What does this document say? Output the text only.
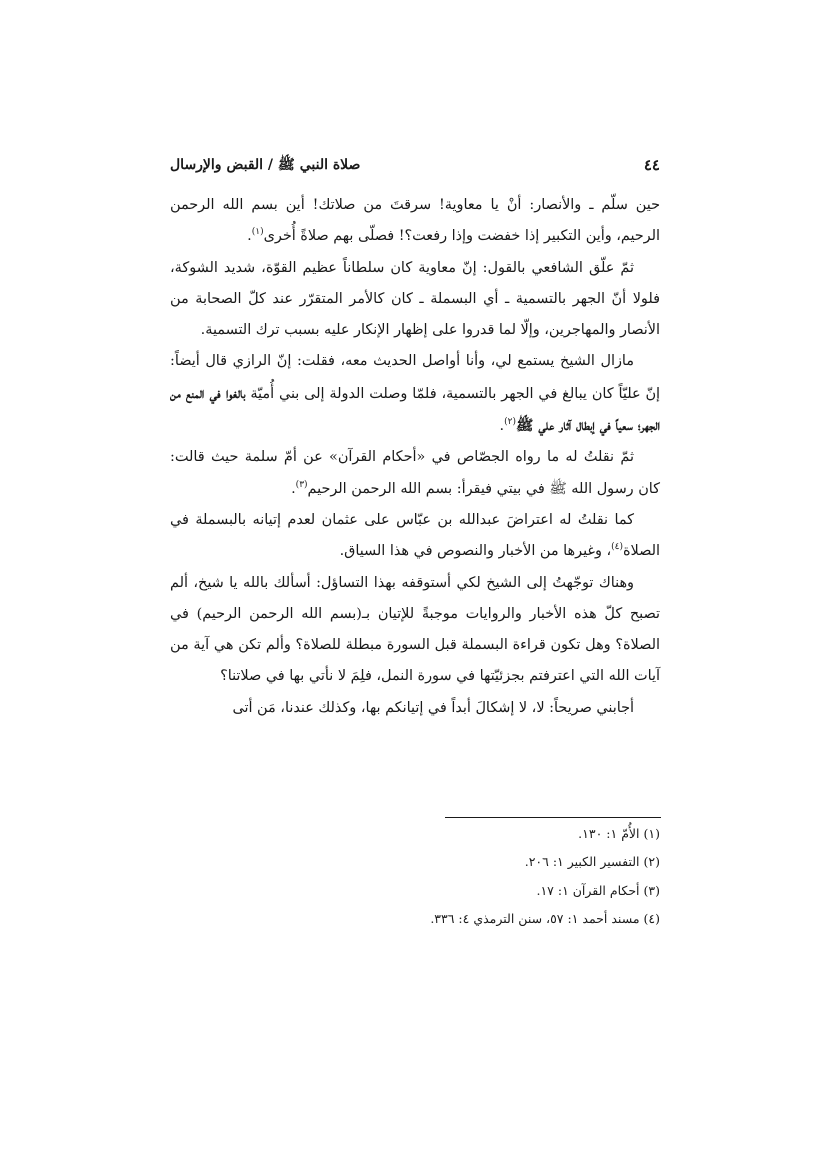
٤٤
صلاة النبي ﷺ / القبض والإرسال

حين سلّم ـ والأنصار: أنْ يا معاوية! سرقتَ من صلاتك! أين بسم الله الرحمن الرحيم، وأين التكبير إذا خفضت وإذا رفعت؟! فصلّى بهم صلاةً أُخرى$^{(١)}$.

ثمّ علّق الشافعي بالقول: إنّ معاوية كان سلطاناً عظيم القوّة، شديد الشوكة، فلولا أنّ الجهر بالتسمية ـ أي البسملة ـ كان كالأمر المتقرّر عند كلّ الصحابة من الأنصار والمهاجرين، وإلّا لما قدروا على إظهار الإنكار عليه بسبب ترك التسمية.

مازال الشيخ يستمع لي، وأنا أواصل الحديث معه، فقلت: إنّ الرازي قال أيضاً: إنّ عليّاً كان يبالغ في الجهر بالتسمية، فلمّا وصلت الدولة إلى بني أُميّة بالغوا في المنع من الجهر؛ سعياً في إبطال آثار علي ﷺ$^{(٢)}$.

ثمّ نقلتُ له ما رواه الجصّاص في «أحكام القرآن» عن أمّ سلمة حيث قالت: كان رسول الله ﷺ في بيتي فيقرأ: بسم الله الرحمن الرحيم$^{(٣)}$.

كما نقلتُ له اعتراضَ عبدالله بن عبّاس على عثمان لعدم إتيانه بالبسملة في الصلاة$^{(٤)}$، وغيرها من الأخبار والنصوص في هذا السياق.

وهناك توجّهتُ إلى الشيخ لكي أستوقفه بهذا التساؤل: أسألك بالله يا شيخ، ألم تصبح كلّ هذه الأخبار والروايات موجبةً للإتيان بـ(بسم الله الرحمن الرحيم) في الصلاة؟ وهل تكون قراءة البسملة قبل السورة مبطلة للصلاة؟ وألم تكن هي آية من آيات الله التي اعترفتم بجزئيّتها في سورة النمل، فلِمَ لا نأتي بها في صلاتنا؟

أجابني صريحاً: لا، لا إشكالَ أبداً في إتيانكم بها، وكذلك عندنا، مَن أتى

(١) الأُمّ ١: ١٣٠.
(٢) التفسير الكبير ١: ٢٠٦.
(٣) أحكام القرآن ١: ١٧.
(٤) مسند أحمد ١: ٥٧، سنن الترمذي ٤: ٣٣٦.
